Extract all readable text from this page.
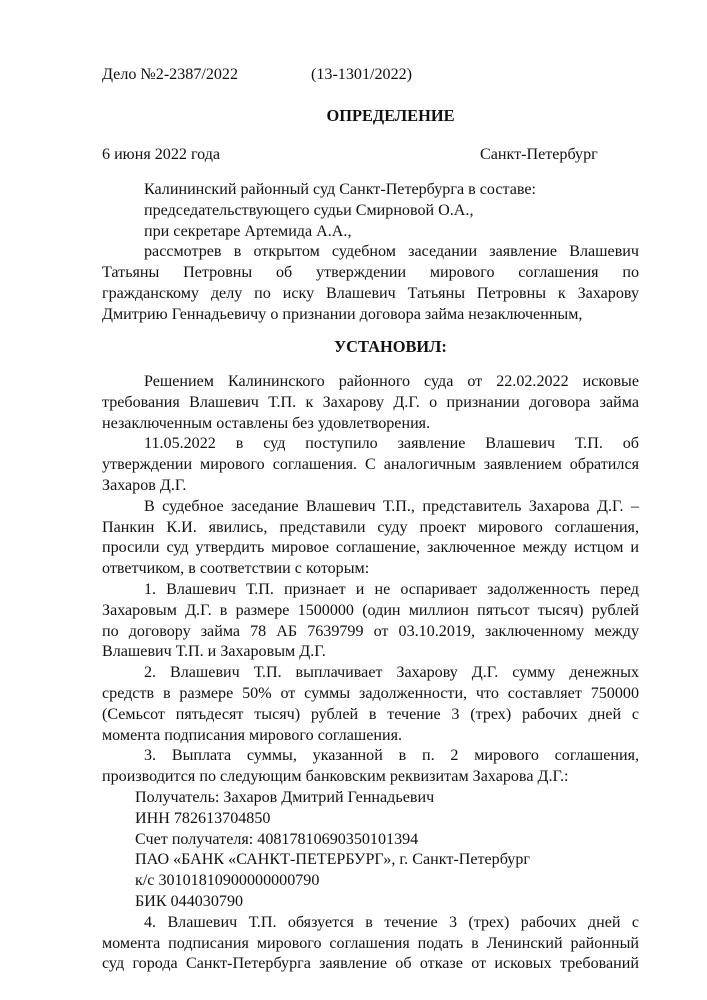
Дело №2-2387/2022	(13-1301/2022)
ОПРЕДЕЛЕНИЕ
6 июня 2022 года	Санкт-Петербург
Калининский районный суд Санкт-Петербурга в составе:
председательствующего судьи Смирновой О.А.,
при секретаре Артемида А.А.,
рассмотрев в открытом судебном заседании заявление Влашевич
Татьяны Петровны об утверждении мирового соглашения по
гражданскому делу по иску Влашевич Татьяны Петровны к Захарову
Дмитрию Геннадьевичу о признании договора займа незаключенным,
УСТАНОВИЛ:
Решением Калининского районного суда от 22.02.2022 исковые
требования Влашевич Т.П. к Захарову Д.Г. о признании договора займа
незаключенным оставлены без удовлетворения.
11.05.2022 в суд поступило заявление Влашевич Т.П. об
утверждении мирового соглашения. С аналогичным заявлением обратился
Захаров Д.Г.
В судебное заседание Влашевич Т.П., представитель Захарова Д.Г. –
Панкин К.И. явились, представили суду проект мирового соглашения,
просили суд утвердить мировое соглашение, заключенное между истцом и
ответчиком, в соответствии с которым:
1. Влашевич Т.П. признает и не оспаривает задолженность перед
Захаровым Д.Г. в размере 1500000 (один миллион пятьсот тысяч) рублей
по договору займа 78 АБ 7639799 от 03.10.2019, заключенному между
Влашевич Т.П. и Захаровым Д.Г.
2. Влашевич Т.П. выплачивает Захарову Д.Г. сумму денежных
средств в размере 50% от суммы задолженности, что составляет 750000
(Семьсот пятьдесят тысяч) рублей в течение 3 (трех) рабочих дней с
момента подписания мирового соглашения.
3. Выплата суммы, указанной в п. 2 мирового соглашения,
производится по следующим банковским реквизитам Захарова Д.Г.:
Получатель: Захаров Дмитрий Геннадьевич
ИНН 782613704850
Счет получателя: 40817810690350101394
ПАО «БАНК «САНКТ-ПЕТЕРБУРГ», г. Санкт-Петербург
к/с 30101810900000000790
БИК 044030790
4. Влашевич Т.П. обязуется в течение 3 (трех) рабочих дней с
момента подписания мирового соглашения подать в Ленинский районный
суд города Санкт-Петербурга заявление об отказе от исковых требований
